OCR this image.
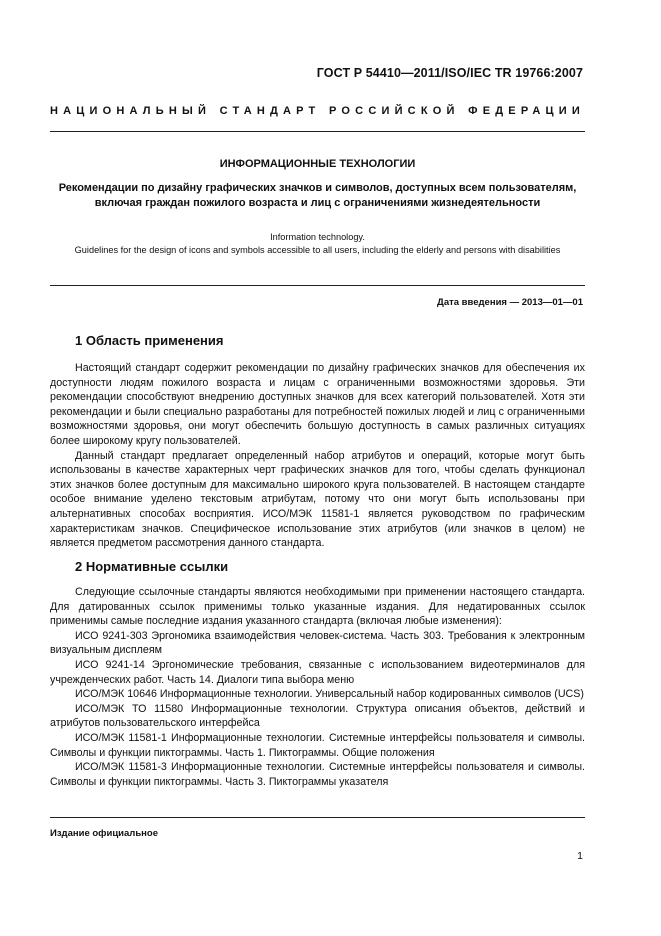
ГОСТ Р 54410—2011/ISO/IEC TR 19766:2007
НАЦИОНАЛЬНЫЙ СТАНДАРТ РОССИЙСКОЙ ФЕДЕРАЦИИ
ИНФОРМАЦИОННЫЕ ТЕХНОЛОГИИ
Рекомендации по дизайну графических значков и символов, доступных всем пользователям,
включая граждан пожилого возраста и лиц с ограничениями жизнедеятельности
Information technology.
Guidelines for the design of icons and symbols accessible to all users, including the elderly and persons with disabilities
Дата введения — 2013—01—01
1 Область применения

Настоящий стандарт содержит рекомендации по дизайну графических значков для обеспечения их доступности людям пожилого возраста и лицам с ограниченными возможностями здоровья. Эти рекомендации способствуют внедрению доступных значков для всех категорий пользователей. Хотя эти рекомендации и были специально разработаны для потребностей пожилых людей и лиц с ограниченными возможностями здоровья, они могут обеспечить большую доступность в самых различных ситуациях более широкому кругу пользователей.

Данный стандарт предлагает определенный набор атрибутов и операций, которые могут быть использованы в качестве характерных черт графических значков для того, чтобы сделать функционал этих значков более доступным для максимально широкого круга пользователей. В настоящем стандарте особое внимание уделено текстовым атрибутам, потому что они могут быть использованы при альтернативных способах восприятия. ИСО/МЭК 11581-1 является руководством по графическим характеристикам значков. Специфическое использование этих атрибутов (или значков в целом) не является предметом рассмотрения данного стандарта.

2 Нормативные ссылки

Следующие ссылочные стандарты являются необходимыми при применении настоящего стандарта. Для датированных ссылок применимы только указанные издания. Для недатированных ссылок применимы самые последние издания указанного стандарта (включая любые изменения):

ИСО 9241-303 Эргономика взаимодействия человек-система. Часть 303. Требования к электронным визуальным дисплеям

ИСО 9241-14 Эргономические требования, связанные с использованием видеотерминалов для учрежденческих работ. Часть 14. Диалоги типа выбора меню

ИСО/МЭК 10646 Информационные технологии. Универсальный набор кодированных символов (UCS)

ИСО/МЭК ТО 11580 Информационные технологии. Структура описания объектов, действий и атрибутов пользовательского интерфейса

ИСО/МЭК 11581-1 Информационные технологии. Системные интерфейсы пользователя и символы. Символы и функции пиктограммы. Часть 1. Пиктограммы. Общие положения

ИСО/МЭК 11581-3 Информационные технологии. Системные интерфейсы пользователя и символы. Символы и функции пиктограммы. Часть 3. Пиктограммы указателя

Издание официальное
1
